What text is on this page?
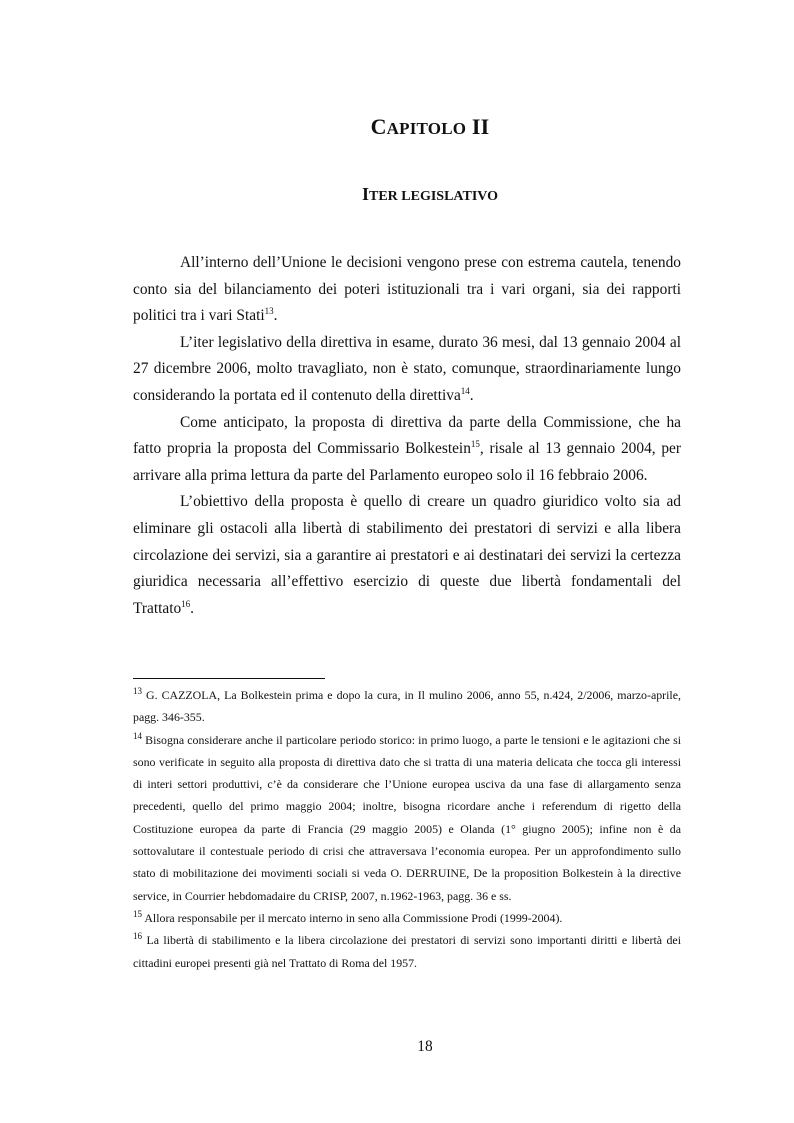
CAPITOLO II
ITER LEGISLATIVO

All’interno dell’Unione le decisioni vengono prese con estrema cautela, tenendo conto sia del bilanciamento dei poteri istituzionali tra i vari organi, sia dei rapporti politici tra i vari Stati$^{13}$.

L’iter legislativo della direttiva in esame, durato 36 mesi, dal 13 gennaio 2004 al 27 dicembre 2006, molto travagliato, non è stato, comunque, straordinariamente lungo considerando la portata ed il contenuto della direttiva$^{14}$.

Come anticipato, la proposta di direttiva da parte della Commissione, che ha fatto propria la proposta del Commissario Bolkestein$^{15}$, risale al 13 gennaio 2004, per arrivare alla prima lettura da parte del Parlamento europeo solo il 16 febbraio 2006.

L’obiettivo della proposta è quello di creare un quadro giuridico volto sia ad eliminare gli ostacoli alla libertà di stabilimento dei prestatori di servizi e alla libera circolazione dei servizi, sia a garantire ai prestatori e ai destinatari dei servizi la certezza giuridica necessaria all’effettivo esercizio di queste due libertà fondamentali del Trattato$^{16}$.

$^{13}$ G. CAZZOLA, La Bolkestein prima e dopo la cura, in Il mulino 2006, anno 55, n.424, 2/2006, marzo-aprile, pagg. 346-355.

$^{14}$ Bisogna considerare anche il particolare periodo storico: in primo luogo, a parte le tensioni e le agitazioni che si sono verificate in seguito alla proposta di direttiva dato che si tratta di una materia delicata che tocca gli interessi di interi settori produttivi, c’è da considerare che l’Unione europea usciva da una fase di allargamento senza precedenti, quello del primo maggio 2004; inoltre, bisogna ricordare anche i referendum di rigetto della Costituzione europea da parte di Francia (29 maggio 2005) e Olanda (1° giugno 2005); infine non è da sottovalutare il contestuale periodo di crisi che attraversava l’economia europea. Per un approfondimento sullo stato di mobilitazione dei movimenti sociali si veda O. DERRUINE, De la proposition Bolkestein à la directive service, in Courrier hebdomadaire du CRISP, 2007, n.1962-1963, pagg. 36 e ss.

$^{15}$ Allora responsabile per il mercato interno in seno alla Commissione Prodi (1999-2004).

$^{16}$ La libertà di stabilimento e la libera circolazione dei prestatori di servizi sono importanti diritti e libertà dei cittadini europei presenti già nel Trattato di Roma del 1957.

18
